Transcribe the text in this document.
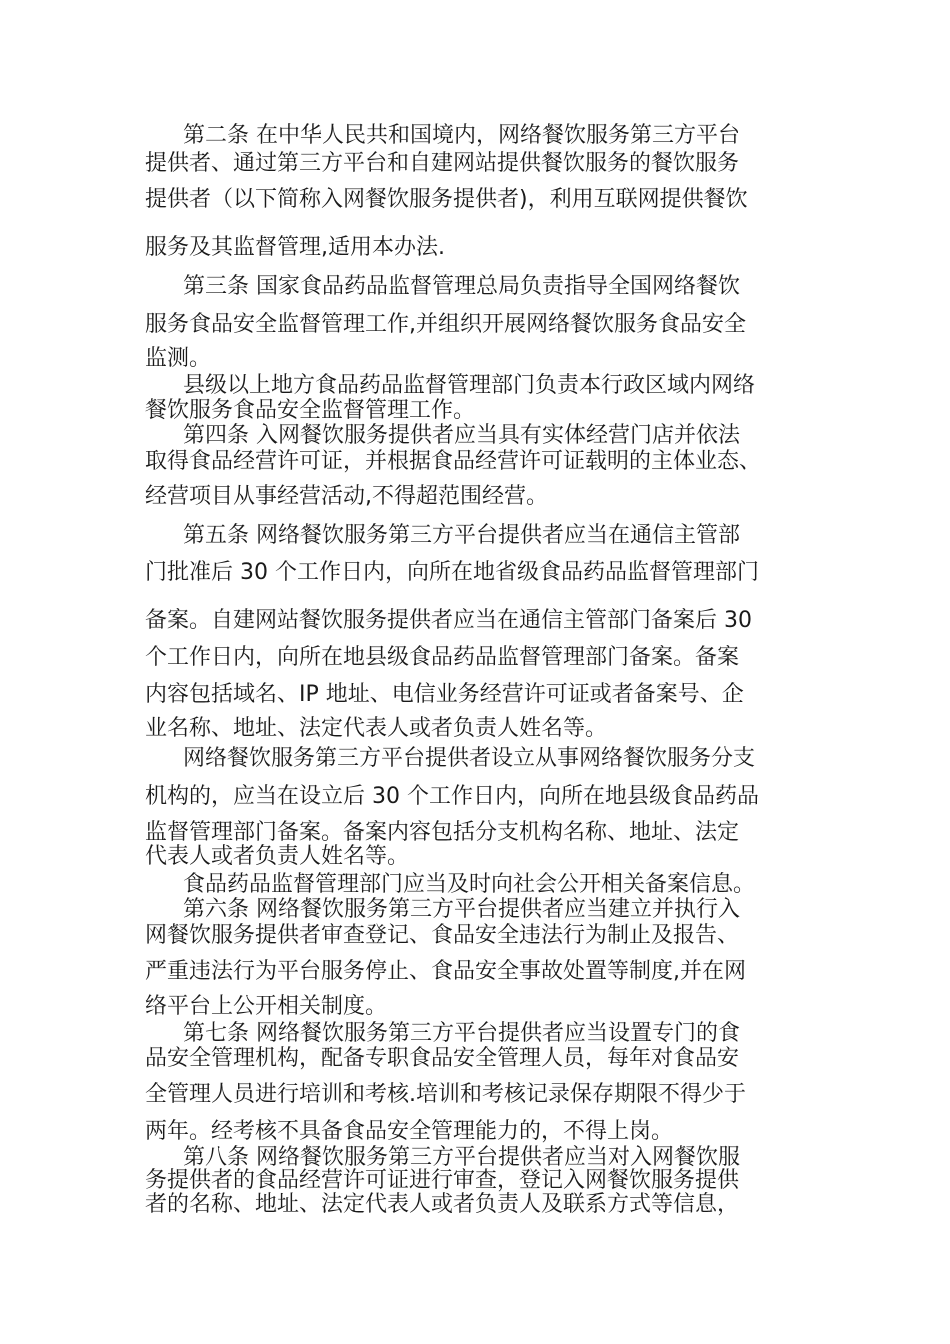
第二条 在中华人民共和国境内，网络餐饮服务第三方平台
提供者、通过第三方平台和自建网站提供餐饮服务的餐饮服务
提供者（以下简称入网餐饮服务提供者)，利用互联网提供餐饮
服务及其监督管理,适用本办法.
第三条 国家食品药品监督管理总局负责指导全国网络餐饮
服务食品安全监督管理工作,并组织开展网络餐饮服务食品安全
监测。
县级以上地方食品药品监督管理部门负责本行政区域内网络
餐饮服务食品安全监督管理工作。
第四条 入网餐饮服务提供者应当具有实体经营门店并依法
取得食品经营许可证，并根据食品经营许可证载明的主体业态、
经营项目从事经营活动,不得超范围经营。
第五条 网络餐饮服务第三方平台提供者应当在通信主管部
门批准后 30 个工作日内，向所在地省级食品药品监督管理部门
备案。自建网站餐饮服务提供者应当在通信主管部门备案后 30
个工作日内，向所在地县级食品药品监督管理部门备案。备案
内容包括域名、IP 地址、电信业务经营许可证或者备案号、企
业名称、地址、法定代表人或者负责人姓名等。
网络餐饮服务第三方平台提供者设立从事网络餐饮服务分支
机构的，应当在设立后 30 个工作日内，向所在地县级食品药品
监督管理部门备案。备案内容包括分支机构名称、地址、法定
代表人或者负责人姓名等。
食品药品监督管理部门应当及时向社会公开相关备案信息。
第六条 网络餐饮服务第三方平台提供者应当建立并执行入
网餐饮服务提供者审查登记、食品安全违法行为制止及报告、
严重违法行为平台服务停止、食品安全事故处置等制度,并在网
络平台上公开相关制度。
第七条 网络餐饮服务第三方平台提供者应当设置专门的食
品安全管理机构，配备专职食品安全管理人员，每年对食品安
全管理人员进行培训和考核.培训和考核记录保存期限不得少于
两年。经考核不具备食品安全管理能力的，不得上岗。
第八条 网络餐饮服务第三方平台提供者应当对入网餐饮服
务提供者的食品经营许可证进行审查，登记入网餐饮服务提供
者的名称、地址、法定代表人或者负责人及联系方式等信息，
